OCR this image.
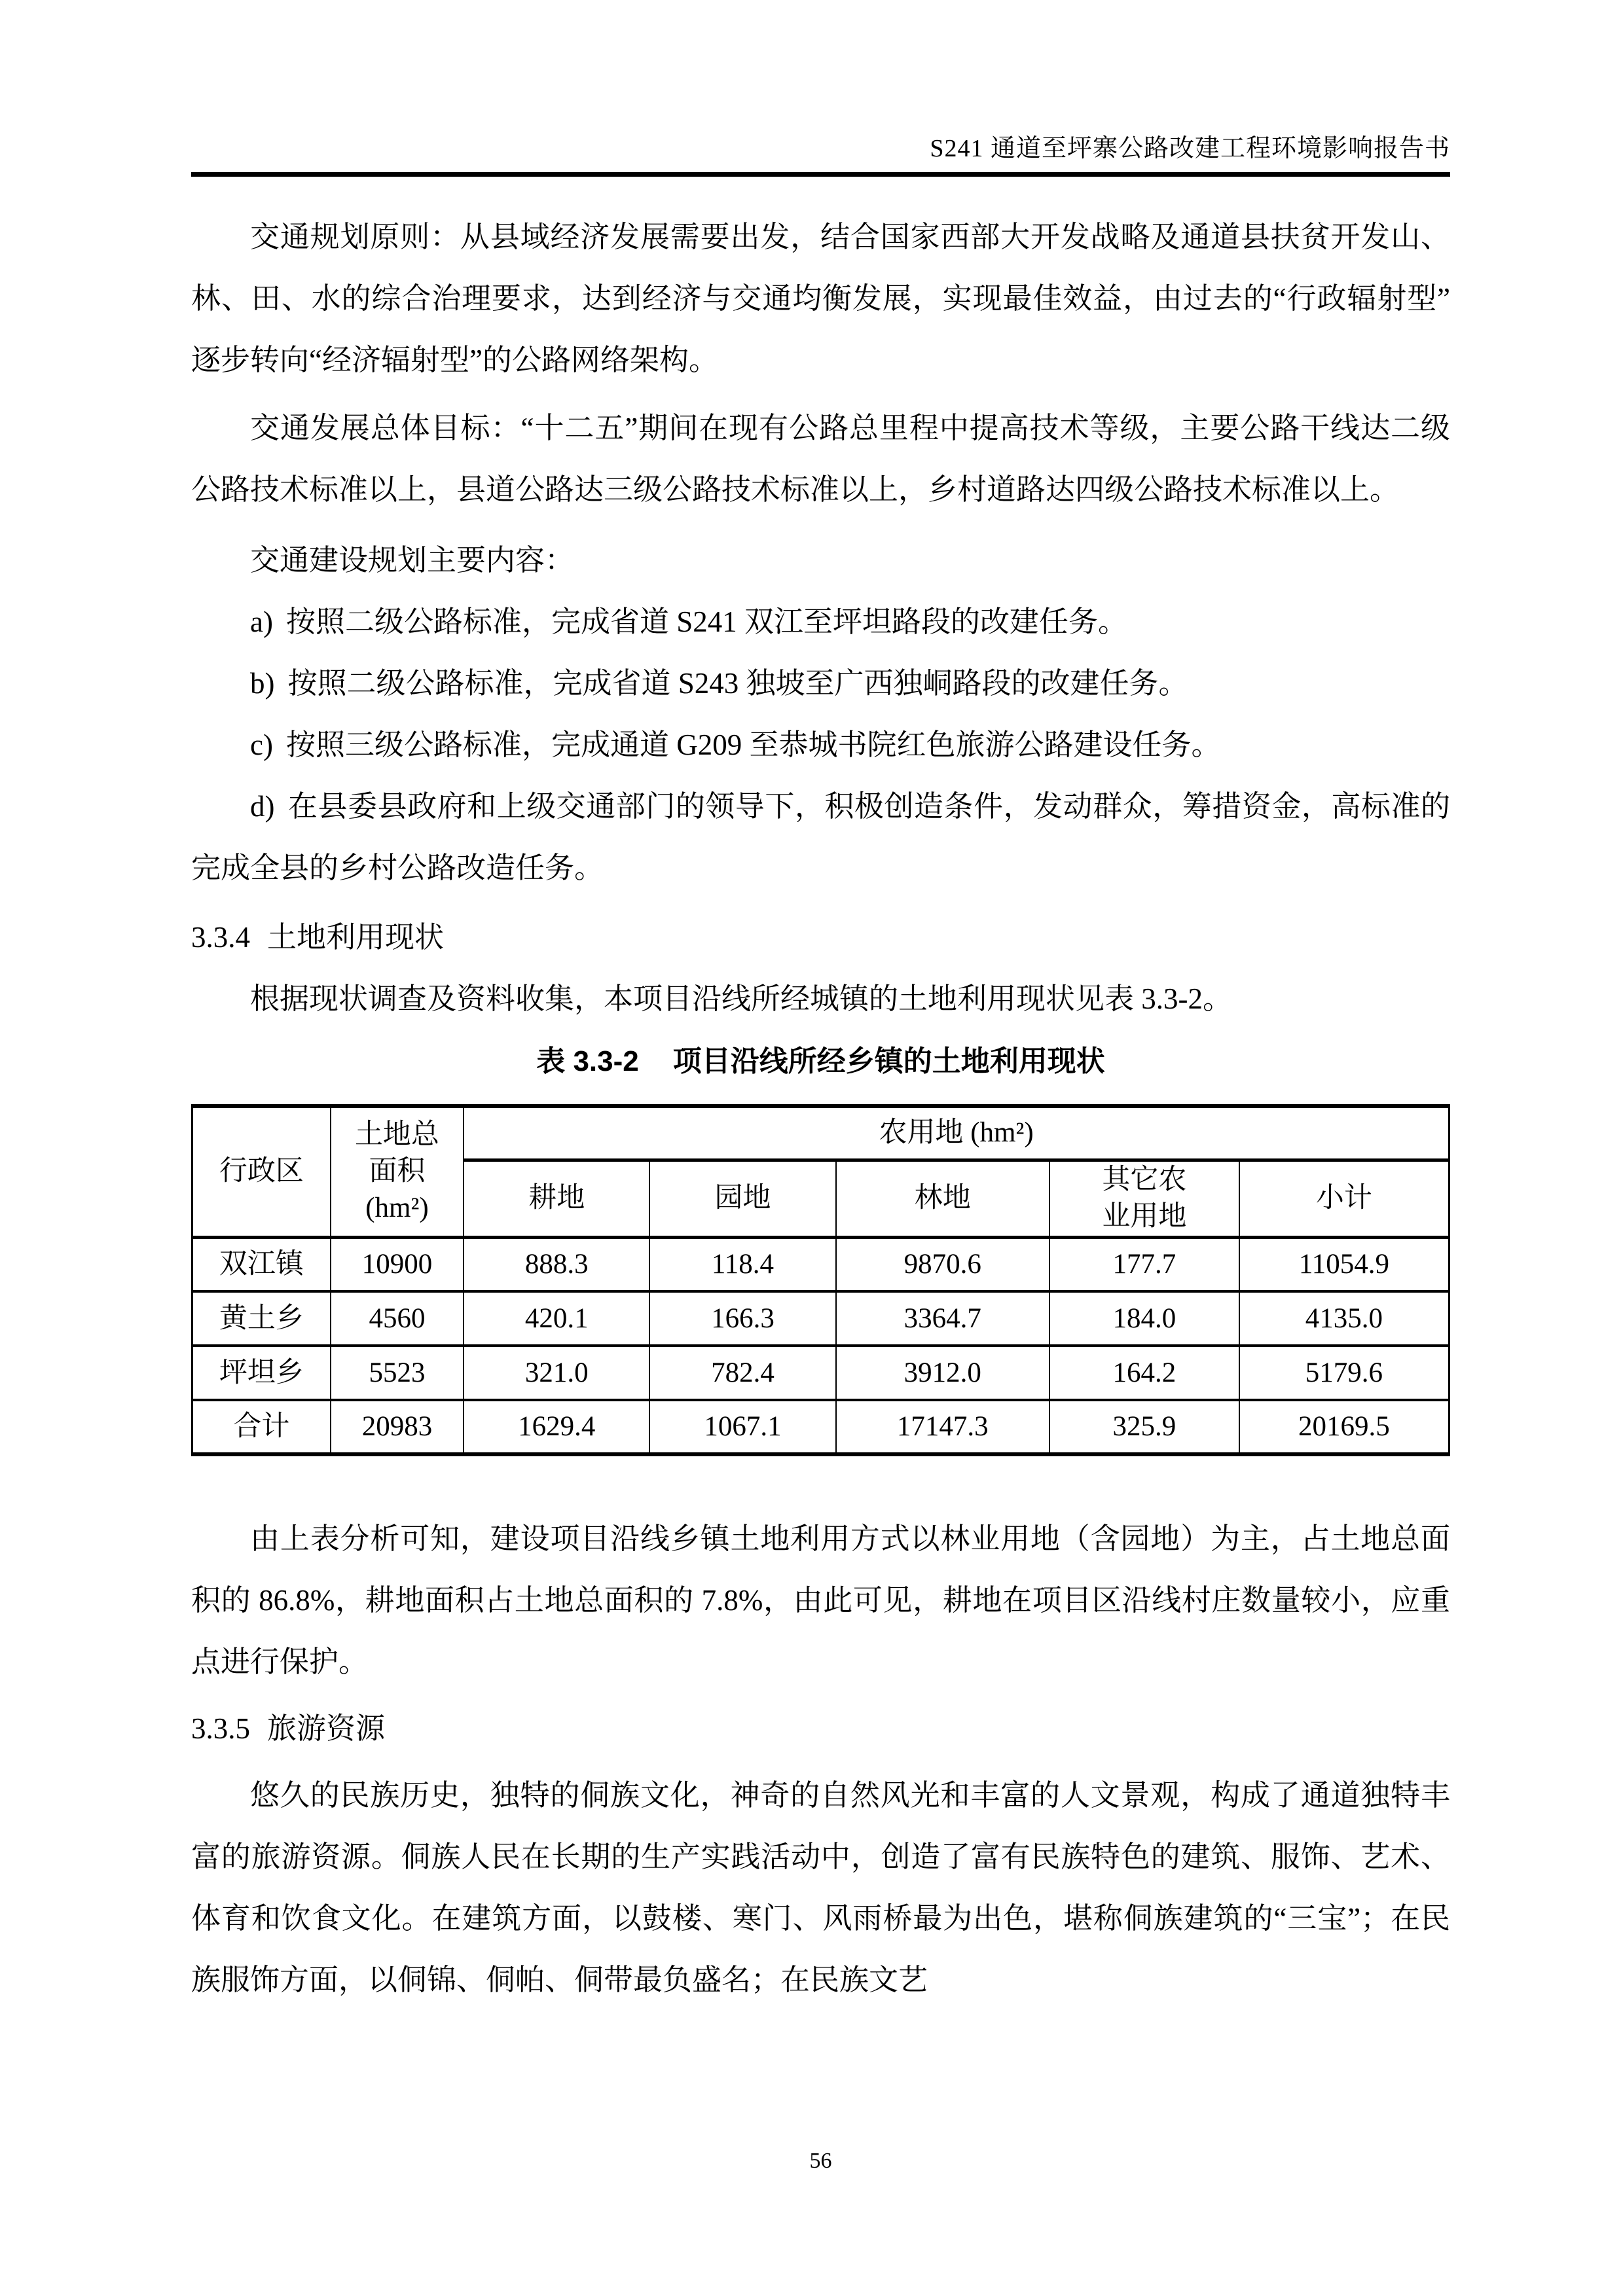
S241 通道至坪寨公路改建工程环境影响报告书

交通规划原则：从县域经济发展需要出发，结合国家西部大开发战略及通道县扶贫开发山、林、田、水的综合治理要求，达到经济与交通均衡发展，实现最佳效益，由过去的“行政辐射型”逐步转向“经济辐射型”的公路网络架构。

交通发展总体目标：“十二五”期间在现有公路总里程中提高技术等级，主要公路干线达二级公路技术标准以上，县道公路达三级公路技术标准以上，乡村道路达四级公路技术标准以上。

交通建设规划主要内容：

a) 按照二级公路标准，完成省道 S241 双江至坪坦路段的改建任务。

b) 按照二级公路标准，完成省道 S243 独坡至广西独峒路段的改建任务。

c) 按照三级公路标准，完成通道 G209 至恭城书院红色旅游公路建设任务。

d) 在县委县政府和上级交通部门的领导下，积极创造条件，发动群众，筹措资金，高标准的完成全县的乡村公路改造任务。

3.3.4 土地利用现状

根据现状调查及资料收集，本项目沿线所经城镇的土地利用现状见表 3.3-2。

表 3.3-2 项目沿线所经乡镇的土地利用现状
行政区	土地总
面积
(hm²)	农用地 (hm²)				
		耕地	园地	林地	其它农
业用地	小计
双江镇	10900	888.3	118.4	9870.6	177.7	11054.9
黄土乡	4560	420.1	166.3	3364.7	184.0	4135.0
坪坦乡	5523	321.0	782.4	3912.0	164.2	5179.6
合计	20983	1629.4	1067.1	17147.3	325.9	20169.5

由上表分析可知，建设项目沿线乡镇土地利用方式以林业用地（含园地）为主，占土地总面积的 86.8%，耕地面积占土地总面积的 7.8%，由此可见，耕地在项目区沿线村庄数量较小，应重点进行保护。

3.3.5 旅游资源

悠久的民族历史，独特的侗族文化，神奇的自然风光和丰富的人文景观，构成了通道独特丰富的旅游资源。侗族人民在长期的生产实践活动中，创造了富有民族特色的建筑、服饰、艺术、体育和饮食文化。在建筑方面，以鼓楼、寒门、风雨桥最为出色，堪称侗族建筑的“三宝”；在民族服饰方面，以侗锦、侗帕、侗带最负盛名；在民族文艺

56
